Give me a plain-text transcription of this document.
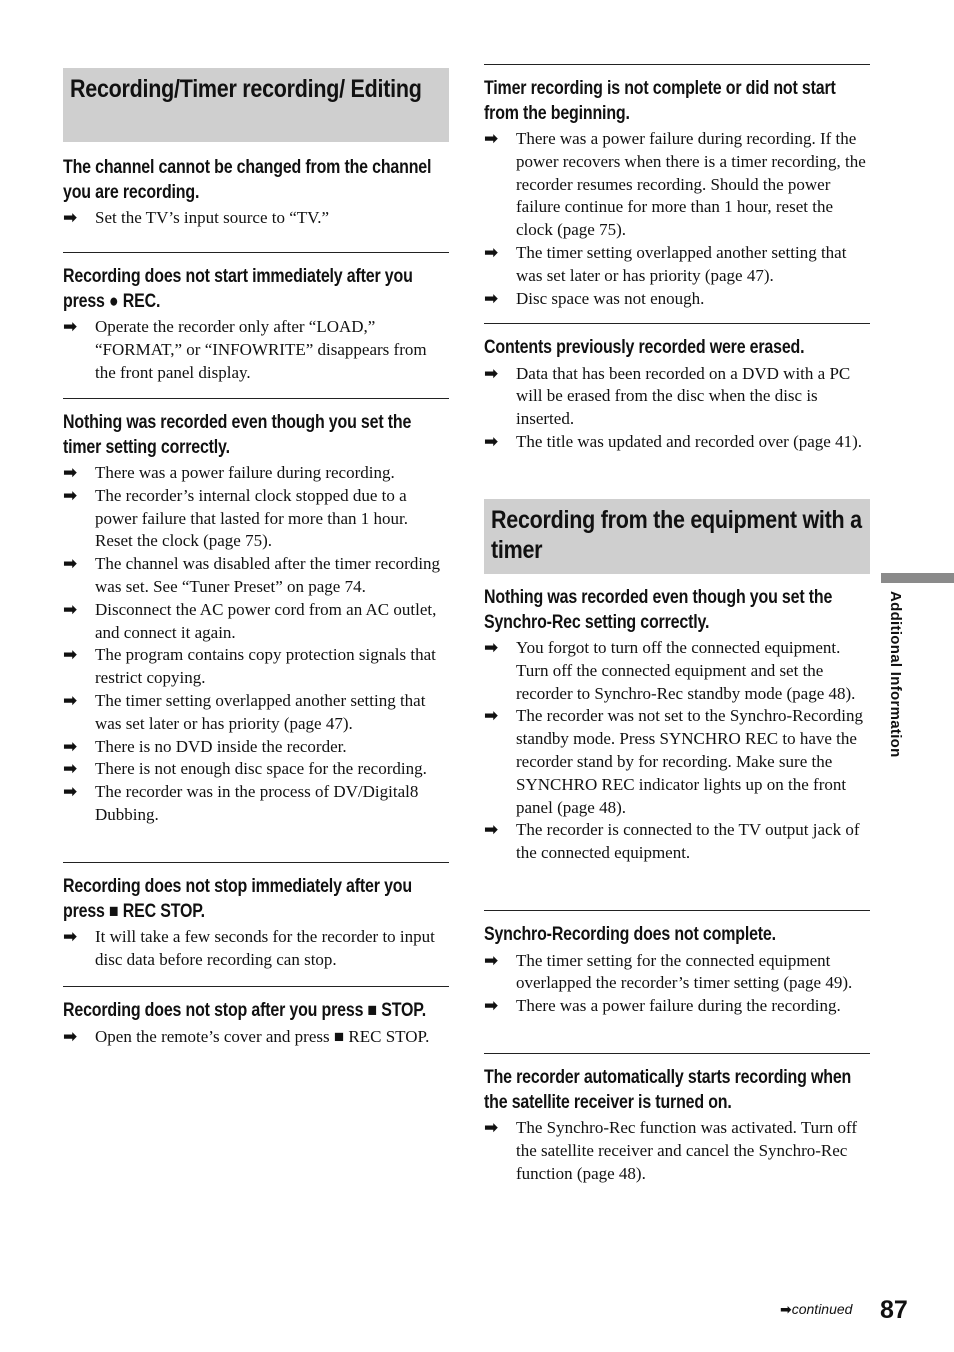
Recording/Timer recording/ Editing
The channel cannot be changed from the channel you are recording.
➡	Set the TV’s input source to “TV.”
Recording does not start immediately after you press ● REC.
➡	Operate the recorder only after “LOAD,” “FORMAT,” or “INFOWRITE” disappears from the front panel display.
Nothing was recorded even though you set the timer setting correctly.
➡	There was a power failure during recording.
➡	The recorder’s internal clock stopped due to a power failure that lasted for more than 1 hour. Reset the clock (page 75).
➡	The channel was disabled after the timer recording was set. See “Tuner Preset” on page 74.
➡	Disconnect the AC power cord from an AC outlet, and connect it again.
➡	The program contains copy protection signals that restrict copying.
➡	The timer setting overlapped another setting that was set later or has priority (page 47).
➡	There is no DVD inside the recorder.
➡	There is not enough disc space for the recording.
➡	The recorder was in the process of DV/Digital8 Dubbing.
Recording does not stop immediately after you press ■ REC STOP.
➡	It will take a few seconds for the recorder to input disc data before recording can stop.
Recording does not stop after you press ■ STOP.
➡	Open the remote’s cover and press ■ REC STOP.
Timer recording is not complete or did not start from the beginning.
➡	There was a power failure during recording. If the power recovers when there is a timer recording, the recorder resumes recording. Should the power failure continue for more than 1 hour, reset the clock (page 75).
➡	The timer setting overlapped another setting that was set later or has priority (page 47).
➡	Disc space was not enough.
Contents previously recorded were erased.
➡	Data that has been recorded on a DVD with a PC will be erased from the disc when the disc is inserted.
➡	The title was updated and recorded over (page 41).
Recording from the equipment with a timer
Nothing was recorded even though you set the Synchro-Rec setting correctly.
➡	You forgot to turn off the connected equipment. Turn off the connected equipment and set the recorder to Synchro-Rec standby mode (page 48).
➡	The recorder was not set to the Synchro-Recording standby mode. Press SYNCHRO REC to have the recorder stand by for recording. Make sure the SYNCHRO REC indicator lights up on the front panel (page 48).
➡	The recorder is connected to the TV output jack of the connected equipment.
Synchro-Recording does not complete.
➡	The timer setting for the connected equipment overlapped the recorder’s timer setting (page 49).
➡	There was a power failure during the recording.
The recorder automatically starts recording when the satellite receiver is turned on.
➡	The Synchro-Rec function was activated. Turn off the satellite receiver and cancel the Synchro-Rec function (page 48).
Additional Information
➡continued 87
